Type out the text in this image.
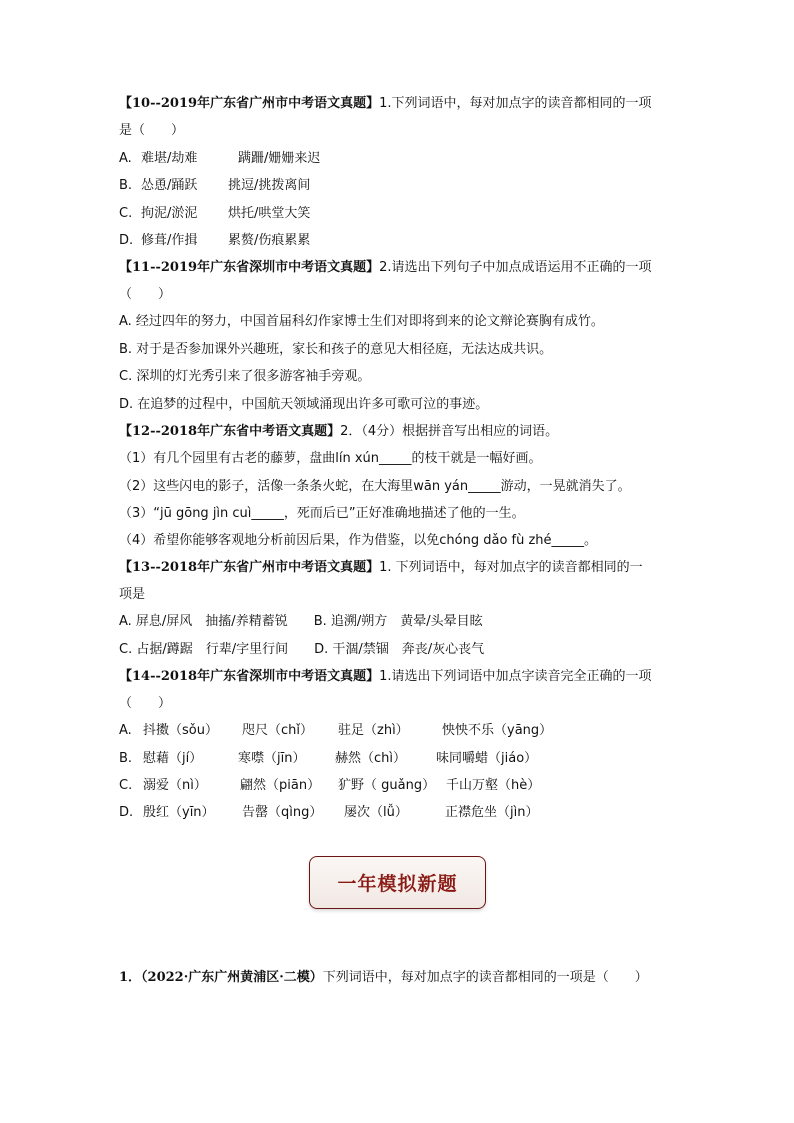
【10--2019年广东省广州市中考语文真题】1.下列词语中，每对加点字的读音都相同的一项
是（　　）
A. 难堪/劫难	蹒跚/姗姗来迟
B. 怂恿/踊跃 挑逗/挑拨离间
C. 拘泥/淤泥 烘托/哄堂大笑
D. 修葺/作揖 累赘/伤痕累累
【11--2019年广东省深圳市中考语文真题】2.请选出下列句子中加点成语运用不正确的一项
（　　）
A. 经过四年的努力，中国首届科幻作家博士生们对即将到来的论文辩论赛胸有成竹。
B. 对于是否参加课外兴趣班，家长和孩子的意见大相径庭，无法达成共识。
C. 深圳的灯光秀引来了很多游客袖手旁观。
D. 在追梦的过程中，中国航天领域涌现出许多可歌可泣的事迹。
【12--2018年广东省中考语文真题】2．（4分）根据拼音写出相应的词语。
（1）有几个园里有古老的藤萝，盘曲lín xún_____的枝干就是一幅好画。
（2）这些闪电的影子，活像一条条火蛇，在大海里wān yán_____游动，一晃就消失了。
（3）“jū gōng jìn cuì_____，死而后已”正好准确地描述了他的一生。
（4）希望你能够客观地分析前因后果，作为借鉴，以免chóng dǎo fù zhé_____。
【13--2018年广东省广州市中考语文真题】1. 下列词语中，每对加点字的读音都相同的一
项是
A. 屏息/屏风　抽搐/养精蓄锐　　B. 追溯/朔方　黄晕/头晕目眩
C. 占据/蹲踞　行辈/字里行间　　D. 干涸/禁锢　奔丧/灰心丧气
【14--2018年广东省深圳市中考语文真题】1.请选出下列词语中加点字读音完全正确的一项
（　　）
A. 抖擞（sǒu） 咫尺（chǐ） 驻足（zhì）	怏怏不乐（yāng）
B. 慰藉（jí）	寒噤（jīn） 赫然（chì） 味同嚼蜡（jiáo）
C. 溺爱（nì）	翩然（piān） 犷野（ guǎng） 千山万壑（hè）
D. 殷红（yīn） 告罄（qìng） 屡次（lǚ）	正襟危坐（jìn）
一年模拟新题
1．（2022·广东广州黄浦区·二模）下列词语中，每对加点字的读音都相同的一项是（　　）
